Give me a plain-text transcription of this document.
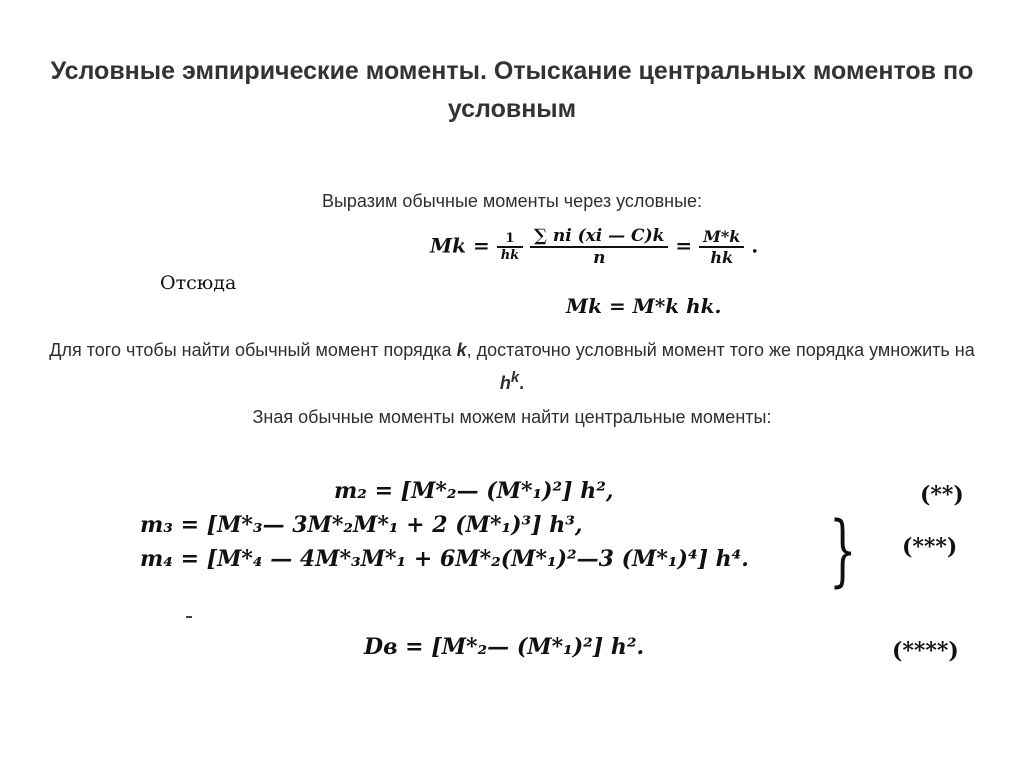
Условные эмпирические моменты. Отыскание центральных моментов по условным
Выразим обычные моменты через условные:
$Mk = \frac{1}{hk}$
$\frac{\sum ni (xi — C)k}{n} = \frac{M*k}{hk}$ .
Отсюда
Mk = M*k hk.
Для того чтобы найти обычный момент порядка k, достаточно условный момент того же порядка умножить на $h^k$.
Зная обычные моменты можем найти центральные моменты:
m₂ = [M*₂— (M*₁)²] h²,	(**)
m₃ = [M*₃— 3M*₂M*₁ + 2 (M*₁)³] h³,
m₄ = [M*₄ — 4M*₃M*₁ + 6M*₂(M*₁)²—3 (M*₁)⁴] h⁴. } (***)
Dв = [M*₂— (M*₁)²] h².	(****)
